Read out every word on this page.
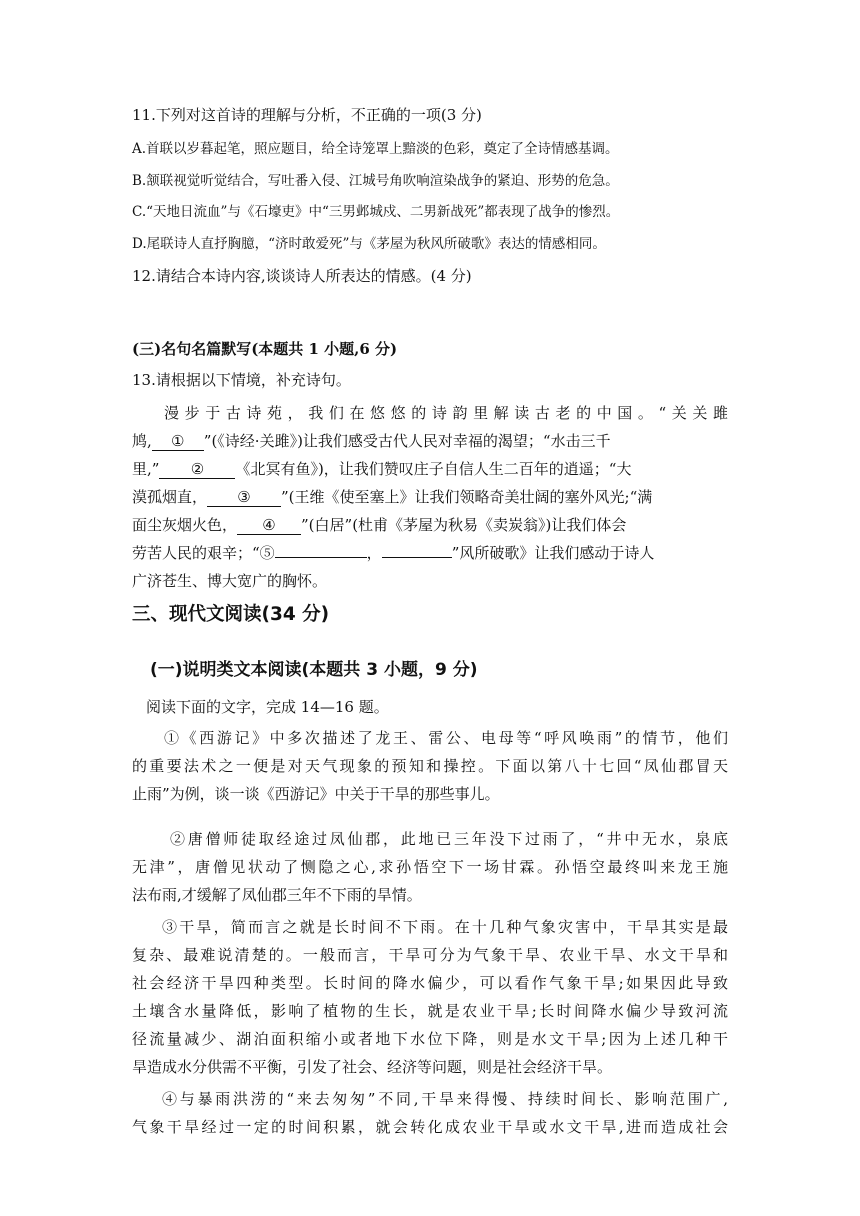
11.下列对这首诗的理解与分析，不正确的一项(3 分)
A.首联以岁暮起笔，照应题目，给全诗笼罩上黯淡的色彩，奠定了全诗情感基调。
B.颔联视觉听觉结合，写吐番入侵、江城号角吹响渲染战争的紧迫、形势的危急。
C.“天地日流血”与《石壕吏》中“三男邺城戍、二男新战死”都表现了战争的惨烈。
D.尾联诗人直抒胸臆，“济时敢爱死”与《茅屋为秋风所破歌》表达的情感相同。
12.请结合本诗内容,谈谈诗人所表达的情感。(4 分)
(三)名句名篇默写(本题共 1 小题,6 分)
13.请根据以下情境，补充诗句。
漫步于古诗苑，我们在悠悠的诗韵里解读古老的中国。“关关雎
鸠, ① ”(《诗经·关雎》)让我们感受古代人民对幸福的渴望；“水击三千
里,” ② 《北冥有鱼》)，让我们赞叹庄子自信人生二百年的逍遥；“大
漠孤烟直， ③ ”(王维《使至塞上》让我们领略奇美壮阔的塞外风光;“满
面尘灰烟火色， ④ ”(白居”(杜甫《茅屋为秋易《卖炭翁》)让我们体会
劳苦人民的艰辛；“⑤	，	”风所破歌》让我们感动于诗人
广济苍生、博大宽广的胸怀。
三、现代文阅读(34 分)
(一)说明类文本阅读(本题共 3 小题，9 分)
阅读下面的文字，完成 14—16 题。
①《西游记》中多次描述了龙王、雷公、电母等“呼风唤雨”的情节，他们
的重要法术之一便是对天气现象的预知和操控。下面以第八十七回“凤仙郡冒天
止雨”为例，谈一谈《西游记》中关于干旱的那些事儿。
②唐僧师徒取经途过凤仙郡，此地已三年没下过雨了，“井中无水，泉底
无津”，唐僧见状动了恻隐之心,求孙悟空下一场甘霖。孙悟空最终叫来龙王施
法布雨,才缓解了凤仙郡三年不下雨的旱情。
③干旱，简而言之就是长时间不下雨。在十几种气象灾害中，干旱其实是最
复杂、最难说清楚的。一般而言，干旱可分为气象干旱、农业干旱、水文干旱和
社会经济干旱四种类型。长时间的降水偏少，可以看作气象干旱;如果因此导致
土壤含水量降低，影响了植物的生长，就是农业干旱;长时间降水偏少导致河流
径流量减少、湖泊面积缩小或者地下水位下降，则是水文干旱;因为上述几种干
旱造成水分供需不平衡，引发了社会、经济等问题，则是社会经济干旱。
④与暴雨洪涝的“来去匆匆”不同,干旱来得慢、持续时间长、影响范围广,
气象干旱经过一定的时间积累，就会转化成农业干旱或水文干旱,进而造成社会
